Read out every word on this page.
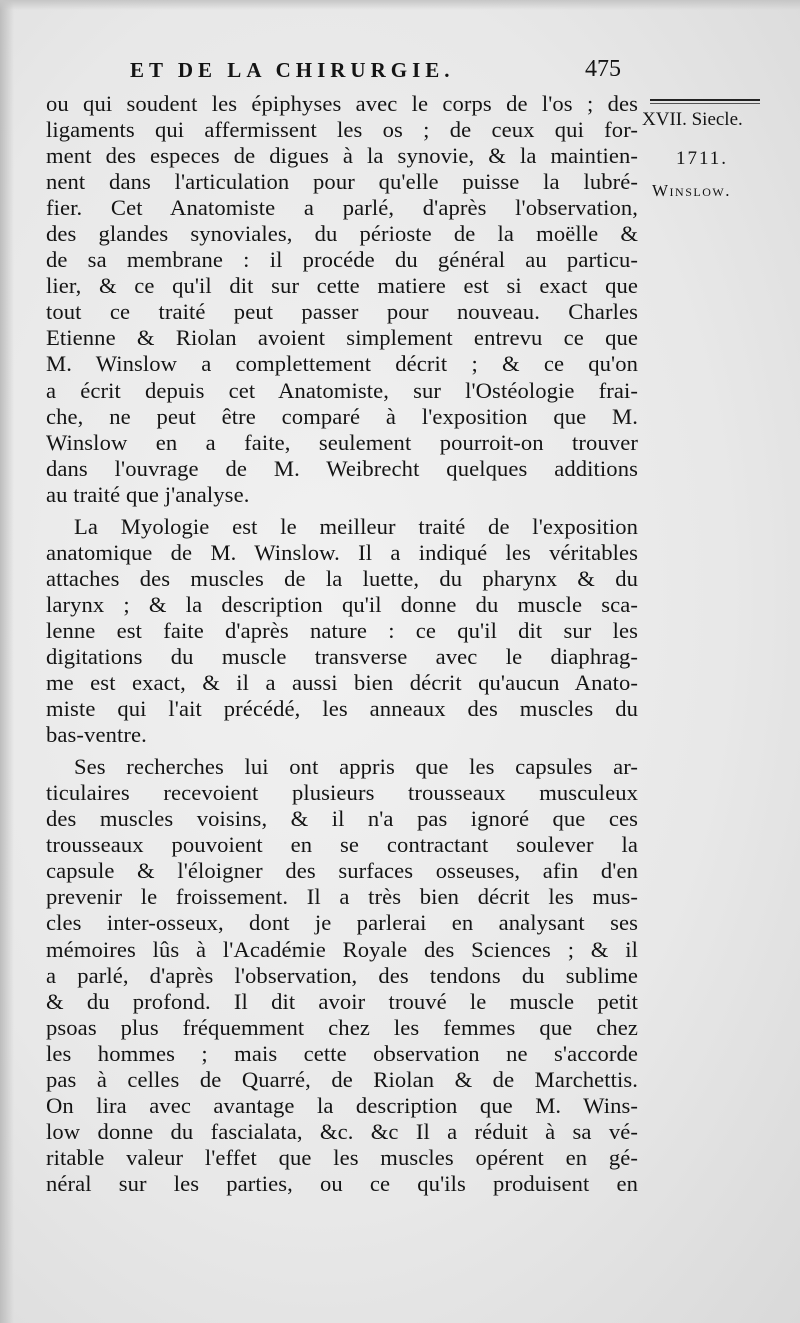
ET DE LA CHIRURGIE.	475
XVII. Siecle.
1711.
Winslow.
ou qui soudent les épiphyses avec le corps de l'os ; des
ligaments qui affermissent les os ; de ceux qui for-
ment des especes de digues à la synovie, & la maintien-
nent dans l'articulation pour qu'elle puisse la lubré-
fier. Cet Anatomiste a parlé, d'après l'observation,
des glandes synoviales, du périoste de la moëlle &
de sa membrane : il procéde du général au particu-
lier, & ce qu'il dit sur cette matiere est si exact que
tout ce traité peut passer pour nouveau. Charles
Etienne & Riolan avoient simplement entrevu ce que
M. Winslow a complettement décrit ; & ce qu'on
a écrit depuis cet Anatomiste, sur l'Ostéologie frai-
che, ne peut être comparé à l'exposition que M.
Winslow en a faite, seulement pourroit-on trouver
dans l'ouvrage de M. Weibrecht quelques additions
au traité que j'analyse.
La Myologie est le meilleur traité de l'exposition
anatomique de M. Winslow. Il a indiqué les véritables
attaches des muscles de la luette, du pharynx & du
larynx ; & la description qu'il donne du muscle sca-
lenne est faite d'après nature : ce qu'il dit sur les
digitations du muscle transverse avec le diaphrag-
me est exact, & il a aussi bien décrit qu'aucun Anato-
miste qui l'ait précédé, les anneaux des muscles du
bas-ventre.
Ses recherches lui ont appris que les capsules ar-
ticulaires recevoient plusieurs trousseaux musculeux
des muscles voisins, & il n'a pas ignoré que ces
trousseaux pouvoient en se contractant soulever la
capsule & l'éloigner des surfaces osseuses, afin d'en
prevenir le froissement. Il a très bien décrit les mus-
cles inter-osseux, dont je parlerai en analysant ses
mémoires lûs à l'Académie Royale des Sciences ; & il
a parlé, d'après l'observation, des tendons du sublime
& du profond. Il dit avoir trouvé le muscle petit
psoas plus fréquemment chez les femmes que chez
les hommes ; mais cette observation ne s'accorde
pas à celles de Quarré, de Riolan & de Marchettis.
On lira avec avantage la description que M. Wins-
low donne du fascialata, &c. &c Il a réduit à sa vé-
ritable valeur l'effet que les muscles opérent en gé-
néral sur les parties, ou ce qu'ils produisent en
